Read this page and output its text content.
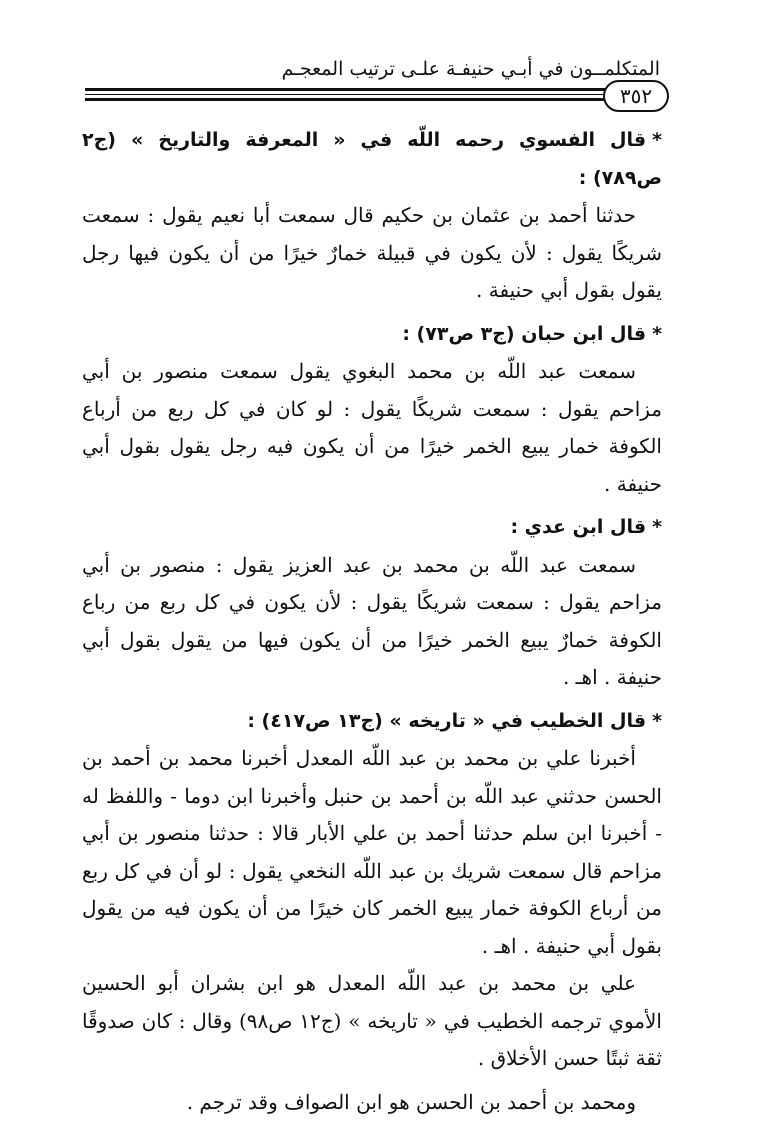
المتكلمــون في أبـي حنيفـة علـى ترتيب المعجـم
٣٥٢
*قال الفسوي رحمه اللّه في « المعرفة والتاريخ » (ج٢ ص٧٨٩) :

حدثنا أحمد بن عثمان بن حكيم قال سمعت أبا نعيم يقول : سمعت شريكًا يقول : لأن يكون في قبيلة خمارٌ خيرًا من أن يكون فيها رجل يقول بقول أبي حنيفة .

*قال ابن حبان (ج٣ ص٧٣) :

سمعت عبد اللّه بن محمد البغوي يقول سمعت منصور بن أبي مزاحم يقول : سمعت شريكًا يقول : لو كان في كل ربع من أرباع الكوفة خمار يبيع الخمر خيرًا من أن يكون فيه رجل يقول بقول أبي حنيفة .

*قال ابن عدي :

سمعت عبد اللّه بن محمد بن عبد العزيز يقول : منصور بن أبي مزاحم يقول : سمعت شريكًا يقول : لأن يكون في كل ربع من رباع الكوفة خمارٌ يبيع الخمر خيرًا من أن يكون فيها من يقول بقول أبي حنيفة . اهـ .

*قال الخطيب في « تاريخه » (ج١٣ ص٤١٧) :

أخبرنا علي بن محمد بن عبد اللّه المعدل أخبرنا محمد بن أحمد بن الحسن حدثني عبد اللّه بن أحمد بن حنبل وأخبرنا ابن دوما - واللفظ له - أخبرنا ابن سلم حدثنا أحمد بن علي الأبار قالا : حدثنا منصور بن أبي مزاحم قال سمعت شريك بن عبد اللّه النخعي يقول : لو أن في كل ربع من أرباع الكوفة خمار يبيع الخمر كان خيرًا من أن يكون فيه من يقول بقول أبي حنيفة . اهـ .

علي بن محمد بن عبد اللّه المعدل هو ابن بشران أبو الحسين الأموي ترجمه الخطيب في « تاريخه » (ج١٢ ص٩٨) وقال : كان صدوقًا ثقة ثبتًا حسن الأخلاق .

ومحمد بن أحمد بن الحسن هو ابن الصواف وقد ترجم .
